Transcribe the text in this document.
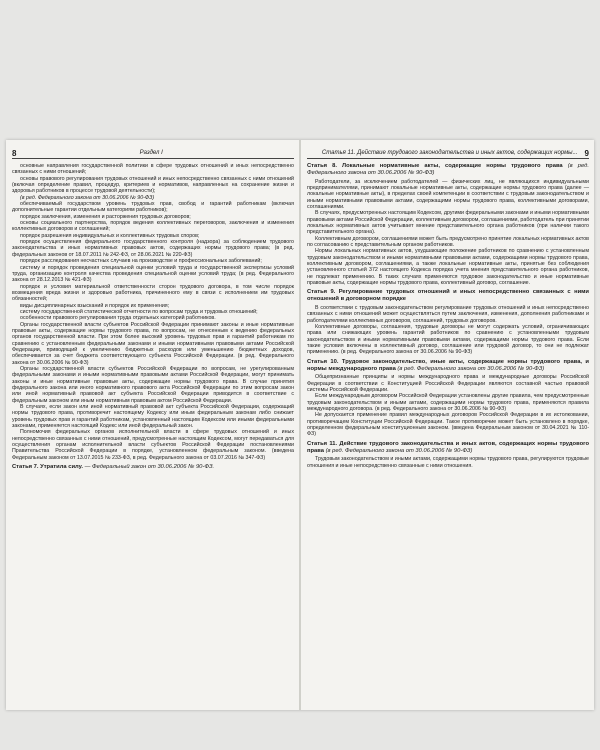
8	Раздел I

основные направления государственной политики в сфере трудовых отношений и иных непосредственно связанных с ними отношений;

основы правового регулирования трудовых отношений и иных непосредственно связанных с ними отношений (включая определение правил, процедур, критериев и нормативов, направленных на сохранение жизни и здоровья работников в процессе трудовой деятельности);

(в ред. Федерального закона от 30.06.2006 № 90-ФЗ)

обеспечиваемый государством уровень трудовых прав, свобод и гарантий работникам (включая дополнительные гарантии отдельным категориям работников);

порядок заключения, изменения и расторжения трудовых договоров;

основы социального партнерства, порядок ведения коллективных переговоров, заключения и изменения коллективных договоров и соглашений;

порядок разрешения индивидуальных и коллективных трудовых споров;

порядок осуществления федерального государственного контроля (надзора) за соблюдением трудового законодательства и иных нормативных правовых актов, содержащих нормы трудового права; (в ред. федеральных законов от 18.07.2011 № 242-ФЗ, от 28.06.2021 № 220-ФЗ)

порядок расследования несчастных случаев на производстве и профессиональных заболеваний;

систему и порядок проведения специальной оценки условий труда и государственной экспертизы условий труда, организацию контроля качества проведения специальной оценки условий труда; (в ред. Федерального закона от 28.12.2013 № 421-ФЗ)

порядок и условия материальной ответственности сторон трудового договора, в том числе порядок возмещения вреда жизни и здоровью работника, причиненного ему в связи с исполнением им трудовых обязанностей;

виды дисциплинарных взысканий и порядок их применения;

систему государственной статистической отчетности по вопросам труда и трудовых отношений;

особенности правового регулирования труда отдельных категорий работников.

Органы государственной власти субъектов Российской Федерации принимают законы и иные нормативные правовые акты, содержащие нормы трудового права, по вопросам, не отнесенным к ведению федеральных органов государственной власти. При этом более высокий уровень трудовых прав и гарантий работникам по сравнению с установленным федеральными законами и иными нормативными правовыми актами Российской Федерации, приводящий к увеличению бюджетных расходов или уменьшению бюджетных доходов, обеспечивается за счет бюджета соответствующего субъекта Российской Федерации. (в ред. Федерального закона от 30.06.2006 № 90-ФЗ)

Органы государственной власти субъектов Российской Федерации по вопросам, не урегулированным федеральными законами и иными нормативными правовыми актами Российской Федерации, могут принимать законы и иные нормативные правовые акты, содержащие нормы трудового права. В случае принятия федерального закона или иного нормативного правового акта Российской Федерации по этим вопросам закон или иной нормативный правовой акт субъекта Российской Федерации приводится в соответствие с федеральным законом или иным нормативным правовым актом Российской Федерации.

В случаях, если закон или иной нормативный правовой акт субъекта Российской Федерации, содержащий нормы трудового права, противоречит настоящему Кодексу или иным федеральным законам либо снижает уровень трудовых прав и гарантий работникам, установленный настоящим Кодексом или иными федеральными законами, применяется настоящий Кодекс или иной федеральный закон.

Полномочия федеральных органов исполнительной власти в сфере трудовых отношений и иных непосредственно связанных с ними отношений, предусмотренные настоящим Кодексом, могут передаваться для осуществления органам исполнительной власти субъектов Российской Федерации постановлениями Правительства Российской Федерации в порядке, установленном федеральным законом. (введена Федеральным законом от 13.07.2015 № 233-ФЗ, в ред. Федерального закона от 03.07.2016 № 347-ФЗ)

Статья 7. Утратила силу. — Федеральный закон от 30.06.2006 № 90-ФЗ.
Статья 11. Действие трудового законодательства и иных актов, содержащих нормы... 9
Статья 8. Локальные нормативные акты, содержащие нормы трудового права (в ред. Федерального закона от 30.06.2006 № 90-ФЗ)

Работодатели, за исключением работодателей — физических лиц, не являющихся индивидуальными предпринимателями, принимают локальные нормативные акты, содержащие нормы трудового права (далее — локальные нормативные акты), в пределах своей компетенции в соответствии с трудовым законодательством и иными нормативными правовыми актами, содержащими нормы трудового права, коллективными договорами, соглашениями.

В случаях, предусмотренных настоящим Кодексом, другими федеральными законами и иными нормативными правовыми актами Российской Федерации, коллективным договором, соглашениями, работодатель при принятии локальных нормативных актов учитывает мнение представительного органа работников (при наличии такого представительного органа).

Коллективным договором, соглашениями может быть предусмотрено принятие локальных нормативных актов по согласованию с представительным органом работников.

Нормы локальных нормативных актов, ухудшающие положение работников по сравнению с установленным трудовым законодательством и иными нормативными правовыми актами, содержащими нормы трудового права, коллективным договором, соглашениями, а также локальные нормативные акты, принятые без соблюдения установленного статьей 372 настоящего Кодекса порядка учета мнения представительного органа работников, не подлежат применению. В таких случаях применяются трудовое законодательство и иные нормативные правовые акты, содержащие нормы трудового права, коллективный договор, соглашение.

Статья 9. Регулирование трудовых отношений и иных непосредственно связанных с ними отношений в договорном порядке

В соответствии с трудовым законодательством регулирование трудовых отношений и иных непосредственно связанных с ними отношений может осуществляться путем заключения, изменения, дополнения работниками и работодателями коллективных договоров, соглашений, трудовых договоров.

Коллективные договоры, соглашения, трудовые договоры не могут содержать условий, ограничивающих права или снижающих уровень гарантий работников по сравнению с установленными трудовым законодательством и иными нормативными правовыми актами, содержащими нормы трудового права. Если такие условия включены в коллективный договор, соглашение или трудовой договор, то они не подлежат применению. (в ред. Федерального закона от 30.06.2006 № 90-ФЗ)

Статья 10. Трудовое законодательство, иные акты, содержащие нормы трудового права, и нормы международного права (в ред. Федерального закона от 30.06.2006 № 90-ФЗ)

Общепризнанные принципы и нормы международного права и международные договоры Российской Федерации в соответствии с Конституцией Российской Федерации являются составной частью правовой системы Российской Федерации.

Если международным договором Российской Федерации установлены другие правила, чем предусмотренные трудовым законодательством и иными актами, содержащими нормы трудового права, применяются правила международного договора. (в ред. Федерального закона от 30.06.2006 № 90-ФЗ)

Не допускается применение правил международных договоров Российской Федерации в их истолковании, противоречащем Конституции Российской Федерации. Такое противоречие может быть установлено в порядке, определенном федеральным конституционным законом. (введена Федеральным законом от 30.04.2021 № 110-ФЗ)

Статья 11. Действие трудового законодательства и иных актов, содержащих нормы трудового права (в ред. Федерального закона от 30.06.2006 № 90-ФЗ)

Трудовым законодательством и иными актами, содержащими нормы трудового права, регулируются трудовые отношения и иные непосредственно связанные с ними отношения.
